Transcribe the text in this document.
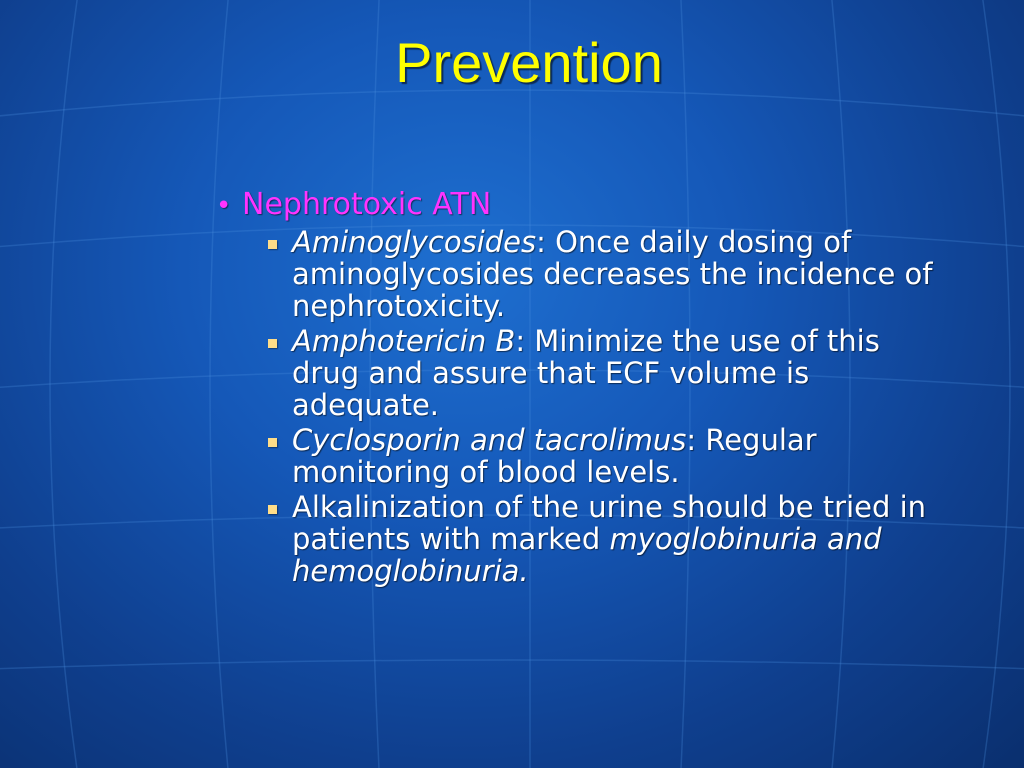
Prevention
• Nephrotoxic ATN
Aminoglycosides: Once daily dosing of aminoglycosides decreases the incidence of nephrotoxicity.
Amphotericin B: Minimize the use of this drug and assure that ECF volume is adequate.
Cyclosporin and tacrolimus: Regular monitoring of blood levels.
Alkalinization of the urine should be tried in patients with marked myoglobinuria and hemoglobinuria.
